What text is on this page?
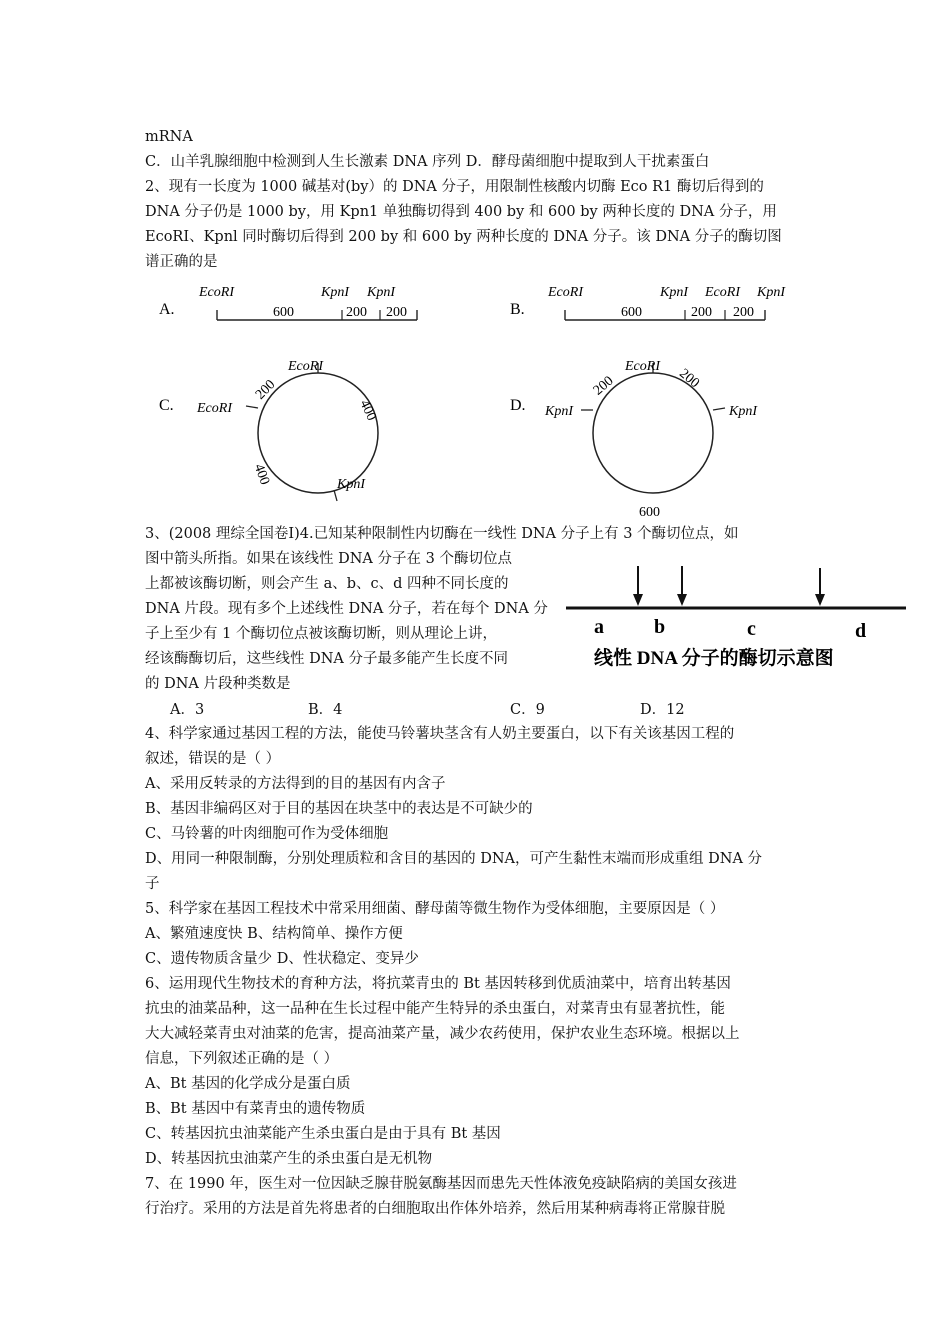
mRNA
C．山羊乳腺细胞中检测到人生长激素 DNA 序列 D．酵母菌细胞中提取到人干扰素蛋白
2、现有一长度为 1000 碱基对(by）的 DNA 分子，用限制性核酸内切酶 Eco R1 酶切后得到的
DNA 分子仍是 1000 by，用 Kpn1 单独酶切得到 400 by 和 600 by 两种长度的 DNA 分子，用
EcoRI、Kpnl 同时酶切后得到 200 by 和 600 by 两种长度的 DNA 分子。该 DNA 分子的酶切图
谱正确的是
A.
EcoRI	KpnI KpnI
600	200 200	B.
EcoRI	KpnI EcoRI KpnI
600	200 200
C.
EcoRI
EcoRI
KpnI
200
400
400
D.
EcoRI
KpnI	KpnI
200	200
600
3、(2008 理综全国卷Ⅰ)4.已知某种限制性内切酶在一线性 DNA 分子上有 3 个酶切位点，如
图中箭头所指。如果在该线性 DNA 分子在 3 个酶切位点
上都被该酶切断，则会产生 a、b、c、d 四种不同长度的
DNA 片段。现有多个上述线性 DNA 分子，若在每个 DNA 分
子上至少有 1 个酶切位点被该酶切断，则从理论上讲，
经该酶酶切后，这些线性 DNA 分子最多能产生长度不同
的 DNA 片段种类数是
A．3	B．4	C．9	D．12
a	b	c	d
线性 DNA 分子的酶切示意图
4、科学家通过基因工程的方法，能使马铃薯块茎含有人奶主要蛋白，以下有关该基因工程的
叙述，错误的是（ ）
A、采用反转录的方法得到的目的基因有内含子
B、基因非编码区对于目的基因在块茎中的表达是不可缺少的
C、马铃薯的叶肉细胞可作为受体细胞
D、用同一种限制酶，分别处理质粒和含目的基因的 DNA，可产生黏性末端而形成重组 DNA 分
子
5、科学家在基因工程技术中常采用细菌、酵母菌等微生物作为受体细胞，主要原因是（ ）
A、繁殖速度快 B、结构简单、操作方便
C、遗传物质含量少 D、性状稳定、变异少
6、运用现代生物技术的育种方法，将抗菜青虫的 Bt 基因转移到优质油菜中，培育出转基因
抗虫的油菜品种，这一品种在生长过程中能产生特异的杀虫蛋白，对菜青虫有显著抗性，能
大大减轻菜青虫对油菜的危害，提高油菜产量，减少农药使用，保护农业生态环境。根据以上
信息，下列叙述正确的是（ ）
A、Bt 基因的化学成分是蛋白质
B、Bt 基因中有菜青虫的遗传物质
C、转基因抗虫油菜能产生杀虫蛋白是由于具有 Bt 基因
D、转基因抗虫油菜产生的杀虫蛋白是无机物
7、在 1990 年，医生对一位因缺乏腺苷脱氨酶基因而患先天性体液免疫缺陷病的美国女孩进
行治疗。采用的方法是首先将患者的白细胞取出作体外培养，然后用某种病毒将正常腺苷脱
